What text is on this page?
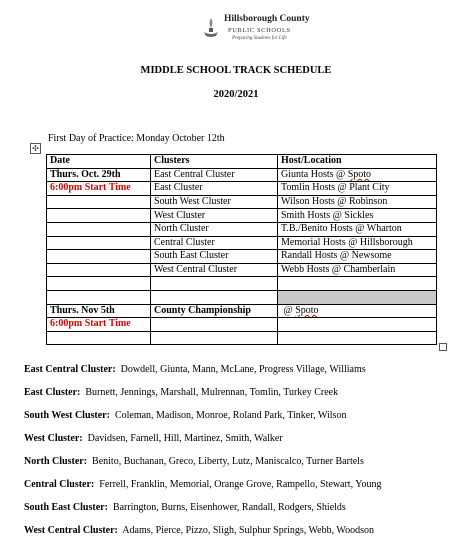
Hillsborough County
PUBLIC SCHOOLS
Preparing Students for Life
MIDDLE SCHOOL TRACK SCHEDULE
2020/2021
First Day of Practice: Monday October 12th
✣
Date	Clusters	Host/Location
Thurs. Oct. 29th	East Central Cluster	Giunta Hosts @ Spoto
6:00pm Start Time	East Cluster	Tomlin Hosts @ Plant City
	South West Cluster	Wilson Hosts @ Robinson
	West Cluster	Smith Hosts @ Sickles
	North Cluster	T.B./Benito Hosts @ Wharton
	Central Cluster	Memorial Hosts @ Hillsborough
	South East Cluster	Randall Hosts @ Newsome
	West Central Cluster	Webb Hosts @ Chamberlain

Thurs. Nov 5th	County Championship	@ Spoto
6:00pm Start Time		

East Central Cluster: Dowdell, Giunta, Mann, McLane, Progress Village, Williams
East Cluster: Burnett, Jennings, Marshall, Mulrennan, Tomlin, Turkey Creek
South West Cluster: Coleman, Madison, Monroe, Roland Park, Tinker, Wilson
West Cluster: Davidsen, Farnell, Hill, Martinez, Smith, Walker
North Cluster: Benito, Buchanan, Greco, Liberty, Lutz, Maniscalco, Turner Bartels
Central Cluster: Ferrell, Franklin, Memorial, Orange Grove, Rampello, Stewart, Young
South East Cluster: Barrington, Burns, Eisenhower, Randall, Rodgers, Shields
West Central Cluster: Adams, Pierce, Pizzo, Sligh, Sulphur Springs, Webb, Woodson
